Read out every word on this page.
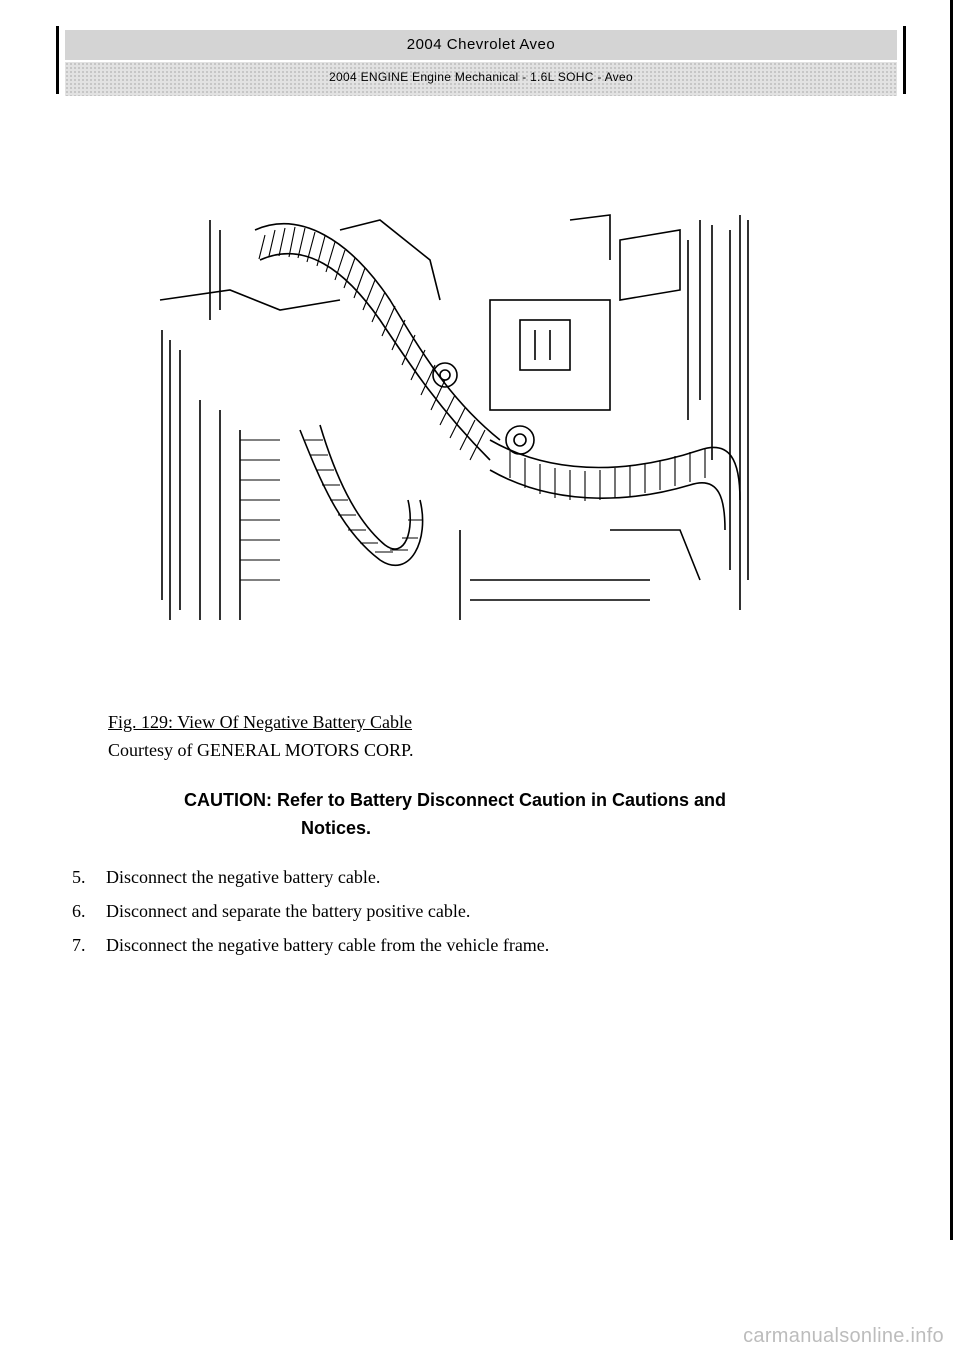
2004 Chevrolet Aveo
2004 ENGINE Engine Mechanical - 1.6L SOHC - Aveo
Fig. 129: View Of Negative Battery Cable
Courtesy of GENERAL MOTORS CORP.
CAUTION: Refer to Battery Disconnect Caution in Cautions and
Notices.
5. Disconnect the negative battery cable.
6. Disconnect and separate the battery positive cable.
7. Disconnect the negative battery cable from the vehicle frame.
carmanualsonline.info
